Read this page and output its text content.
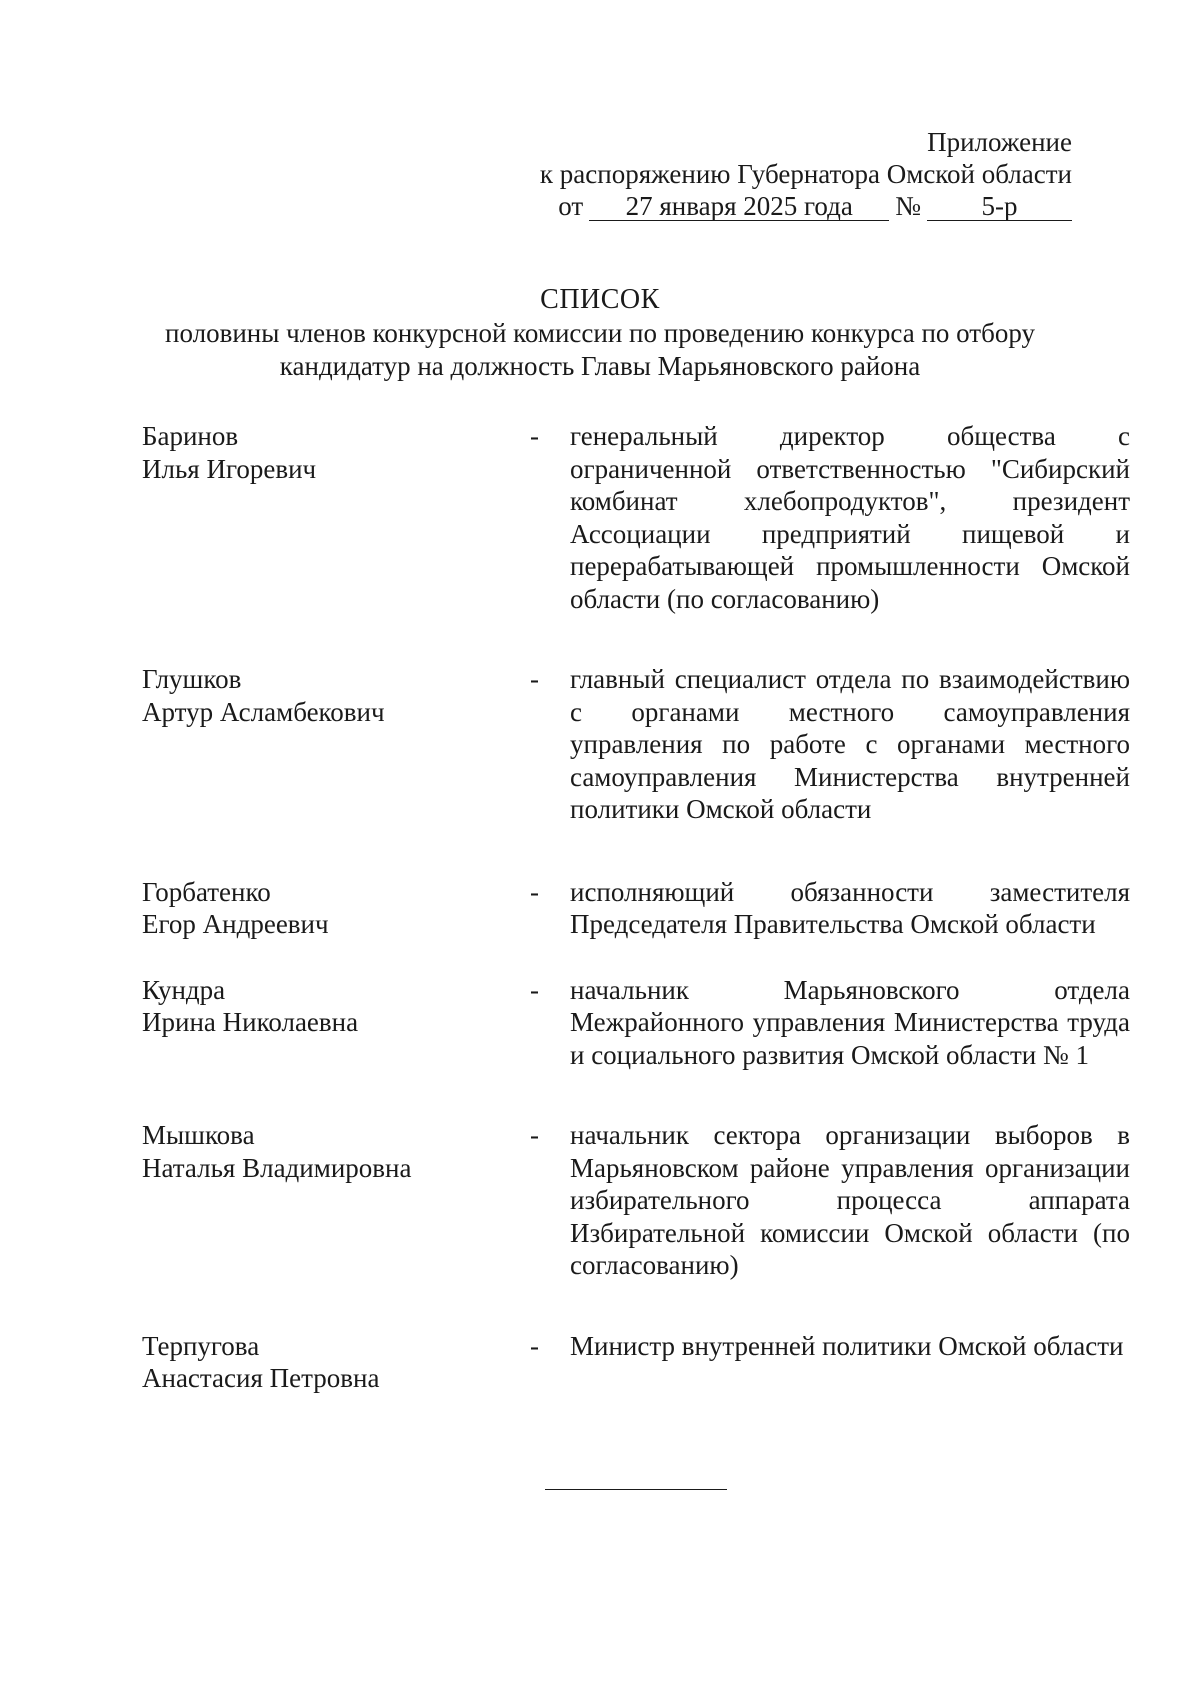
Приложение
к распоряжению Губернатора Омской области
от	27 января 2025 года	№	5-р
СПИСОК
половины членов конкурсной комиссии по проведению конкурса по отбору
кандидатур на должность Главы Марьяновского района
Баринов
Илья Игоревич
-	генеральный директор общества с ограниченной ответственностью "Сибирский комбинат хлебопродуктов", президент Ассоциации предприятий пищевой и перерабатывающей промышленности Омской области (по согласованию)
Глушков
Артур Асламбекович
-	главный специалист отдела по взаимодействию с органами местного самоуправления управления по работе с органами местного самоуправления Министерства внутренней политики Омской области
Горбатенко
Егор Андреевич
-	исполняющий обязанности заместителя Председателя Правительства Омской области
Кундра
Ирина Николаевна
-	начальник Марьяновского отдела Межрайонного управления Министерства труда и социального развития Омской области № 1
Мышкова
Наталья Владимировна
-	начальник сектора организации выборов в Марьяновском районе управления организации избирательного процесса аппарата Избирательной комиссии Омской области (по согласованию)
Терпугова
Анастасия Петровна
-	Министр внутренней политики Омской области
